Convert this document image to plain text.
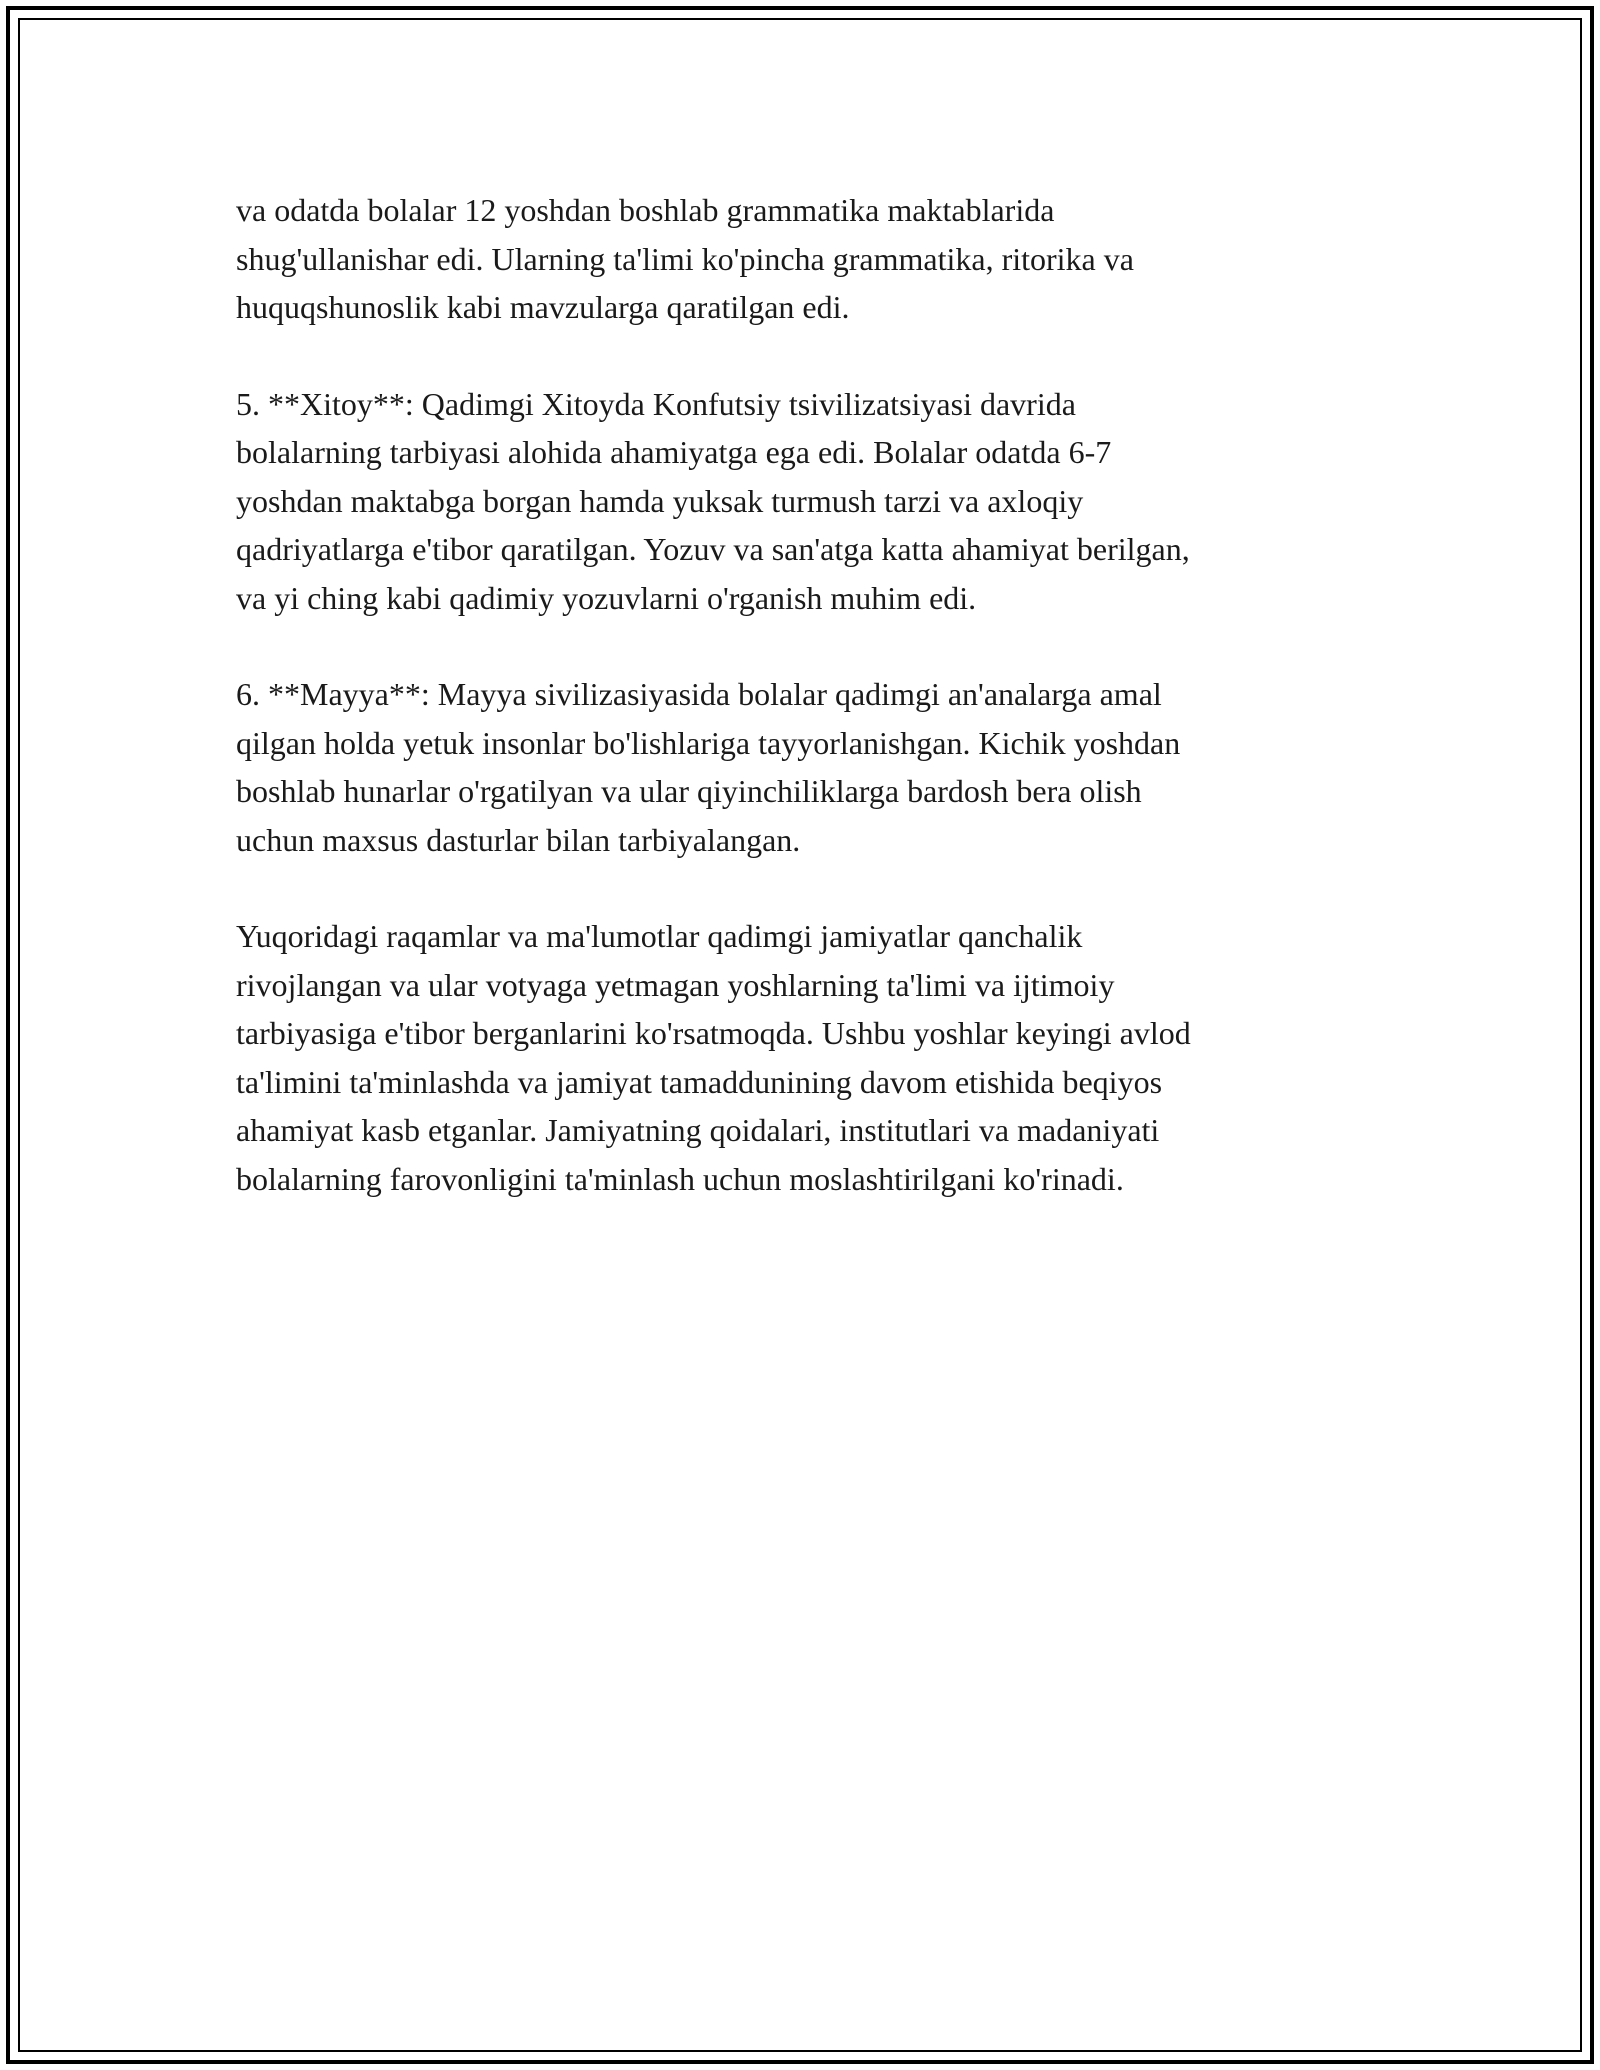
va odatda bolalar 12 yoshdan boshlab grammatika maktablarida
shug'ullanishar edi. Ularning ta'limi ko'pincha grammatika, ritorika va
huquqshunoslik kabi mavzularga qaratilgan edi.

5. **Xitoy**: Qadimgi Xitoyda Konfutsiy tsivilizatsiyasi davrida
bolalarning tarbiyasi alohida ahamiyatga ega edi. Bolalar odatda 6-7
yoshdan maktabga borgan hamda yuksak turmush tarzi va axloqiy
qadriyatlarga e'tibor qaratilgan. Yozuv va san'atga katta ahamiyat berilgan,
va yi ching kabi qadimiy yozuvlarni o'rganish muhim edi.

6. **Mayya**: Mayya sivilizasiyasida bolalar qadimgi an'analarga amal
qilgan holda yetuk insonlar bo'lishlariga tayyorlanishgan. Kichik yoshdan
boshlab hunarlar o'rgatilyan va ular qiyinchiliklarga bardosh bera olish
uchun maxsus dasturlar bilan tarbiyalangan.

Yuqoridagi raqamlar va ma'lumotlar qadimgi jamiyatlar qanchalik
rivojlangan va ular votyaga yetmagan yoshlarning ta'limi va ijtimoiy
tarbiyasiga e'tibor berganlarini ko'rsatmoqda. Ushbu yoshlar keyingi avlod
ta'limini ta'minlashda va jamiyat tamaddunining davom etishida beqiyos
ahamiyat kasb etganlar. Jamiyatning qoidalari, institutlari va madaniyati
bolalarning farovonligini ta'minlash uchun moslashtirilgani ko'rinadi.
